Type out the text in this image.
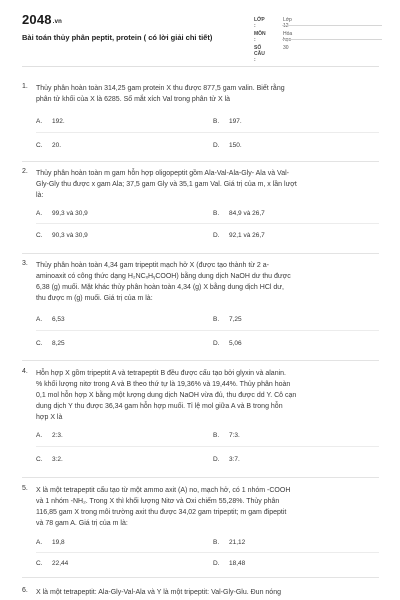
2048.vn
Bài toán thủy phân peptit, protein ( có lời giải chi tiết)
LỚP :
Lớp 12
MÔN :
Hóa học
SỐ CÂU :
30
1. Thủy phân hoàn toàn 314,25 gam protein X thu được 877,5 gam valin. Biết rằng
phân tử khối của X là 6285. Số mắt xích Val trong phân tử X là
A. 192.	B. 197.
C. 20.	D. 150.
2. Thủy phân hoàn toàn m gam hỗn hợp oligopeptit gồm Ala-Val-Ala-Gly- Ala và Val-
Gly-Gly thu được x gam Ala; 37,5 gam Gly và 35,1 gam Val. Giá trị của m, x lần lượt
là:
A. 99,3 và 30,9	B. 84,9 và 26,7
C. 90,3 và 30,9	D. 92,1 và 26,7
3. Thủy phân hoàn toàn 4,34 gam tripeptit mạch hở X (được tạo thành từ 2 a-
aminoaxit có công thức dạng H₂NCₓHᵧCOOH) bằng dung dịch NaOH dư thu được
6,38 (g) muối. Mặt khác thủy phân hoàn toàn 4,34 (g) X bằng dung dịch HCl dư,
thu được m (g) muối. Giá trị của m là:
A. 6,53	B. 7,25
C. 8,25	D. 5,06
4. Hỗn hợp X gồm tripeptit A và tetrapeptit B đều được cấu tạo bởi glyxin và alanin.
% khối lượng nitơ trong A và B theo thứ tự là 19,36% và 19,44%. Thủy phân hoàn
0,1 mol hỗn hợp X bằng một lượng dung dịch NaOH vừa đủ, thu được dd Y. Cô cạn
dung dịch Y thu được 36,34 gam hỗn hợp muối. Tỉ lệ mol giữa A và B trong hỗn
hợp X là
A. 2:3.	B. 7:3.
C. 3:2.	D. 3:7.
5. X là một tetrapeptit cấu tạo từ một ammo axit (A) no, mạch hở, có 1 nhóm -COOH
và 1 nhóm -NH₂. Trong X thì khối lượng Nitơ và Oxi chiếm 55,28%. Thủy phân
116,85 gam X trong môi trường axit thu được 34,02 gam tripeptit; m gam đipeptit
và 78 gam A. Giá trị của m là:
A. 19,8	B. 21,12
C. 22,44	D. 18,48
6. X là một tetrapeptit: Ala-Gly-Val-Ala và Y là một tripeptit: Val-Gly-Glu. Đun nóng
